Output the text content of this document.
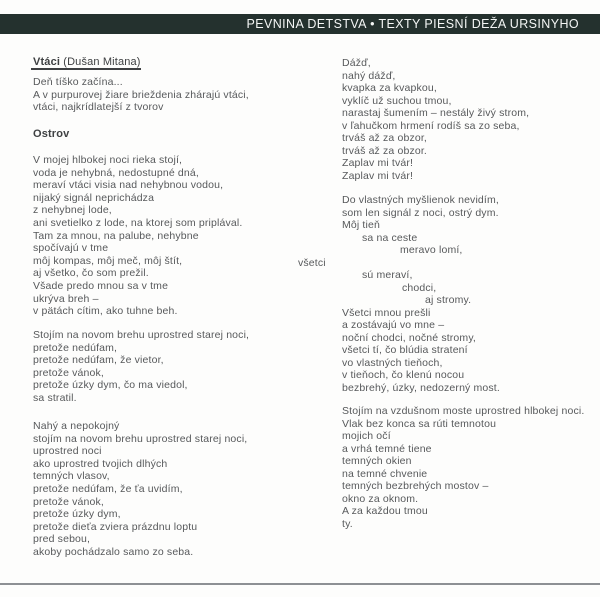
PEVNINA DETSTVA • TEXTY PIESNÍ DEŽA URSINYHO
Vtáci (Dušan Mitana)
Deň tíško začína...
A v purpurovej žiare brieždenia zhárajú vtáci,
vtáci, najkrídlatejší z tvorov
Ostrov
V mojej hlbokej noci rieka stojí,
voda je nehybná, nedostupné dná,
meraví vtáci visia nad nehybnou vodou,
nijaký signál neprichádza
z nehybnej lode,
ani svetielko z lode, na ktorej som priplával.
Tam za mnou, na palube, nehybne
spočívajú v tme
môj kompas, môj meč, môj štít,
aj všetko, čo som prežil.
Všade predo mnou sa v tme
ukrýva breh –
v pätách cítim, ako tuhne beh.
Stojím na novom brehu uprostred starej noci,
pretože nedúfam,
pretože nedúfam, že vietor,
pretože vánok,
pretože úzky dym, čo ma viedol,
sa stratil.
Nahý a nepokojný
stojím na novom brehu uprostred starej noci,
uprostred noci
ako uprostred tvojich dlhých
temných vlasov,
pretože nedúfam, že ťa uvidím,
pretože vánok,
pretože úzky dym,
pretože dieťa zviera prázdnu loptu
pred sebou,
akoby pochádzalo samo zo seba.
Dážď,
nahý dážď,
kvapka za kvapkou,
vyklíč už suchou tmou,
narastaj šumením – nestály živý strom,
v ľahučkom hrmení rodíš sa zo seba,
trváš až za obzor,
trváš až za obzor.
Zaplav mi tvár!
Zaplav mi tvár!
Do vlastných myšlienok nevidím,
som len signál z noci, ostrý dym.
Môj tieň
sa na ceste
meravo lomí,
všetci
sú meraví,
chodci,
aj stromy.
Všetci mnou prešli
a zostávajú vo mne –
noční chodci, nočné stromy,
všetci tí, čo blúdia stratení
vo vlastných tieňoch,
v tieňoch, čo klenú nocou
bezbrehý, úzky, nedozerný most.
Stojím na vzdušnom moste uprostred hlbokej noci.
Vlak bez konca sa rúti temnotou
mojich očí
a vrhá temné tiene
temných okien
na temné chvenie
temných bezbrehých mostov –
okno za oknom.
A za každou tmou
ty.
